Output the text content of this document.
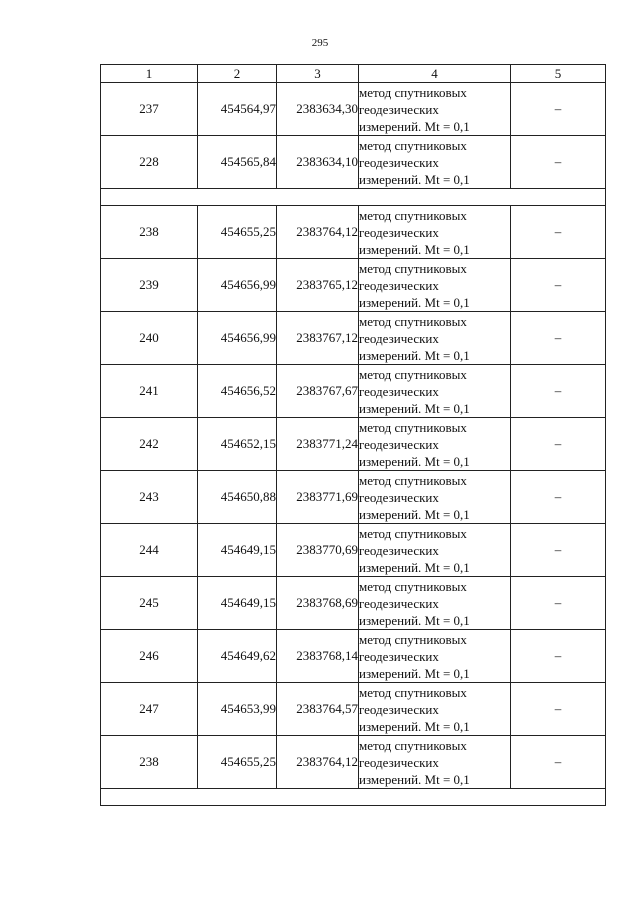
295
1	2	3	4	5
237	454564,97	2383634,30	метод спутниковых
геодезических
измерений. Mt = 0,1	–
228	454565,84	2383634,10	метод спутниковых
геодезических
измерений. Mt = 0,1	–

238	454655,25	2383764,12	метод спутниковых
геодезических
измерений. Mt = 0,1	–
239	454656,99	2383765,12	метод спутниковых
геодезических
измерений. Mt = 0,1	–
240	454656,99	2383767,12	метод спутниковых
геодезических
измерений. Mt = 0,1	–
241	454656,52	2383767,67	метод спутниковых
геодезических
измерений. Mt = 0,1	–
242	454652,15	2383771,24	метод спутниковых
геодезических
измерений. Mt = 0,1	–
243	454650,88	2383771,69	метод спутниковых
геодезических
измерений. Mt = 0,1	–
244	454649,15	2383770,69	метод спутниковых
геодезических
измерений. Mt = 0,1	–
245	454649,15	2383768,69	метод спутниковых
геодезических
измерений. Mt = 0,1	–
246	454649,62	2383768,14	метод спутниковых
геодезических
измерений. Mt = 0,1	–
247	454653,99	2383764,57	метод спутниковых
геодезических
измерений. Mt = 0,1	–
238	454655,25	2383764,12	метод спутниковых
геодезических
измерений. Mt = 0,1	–
